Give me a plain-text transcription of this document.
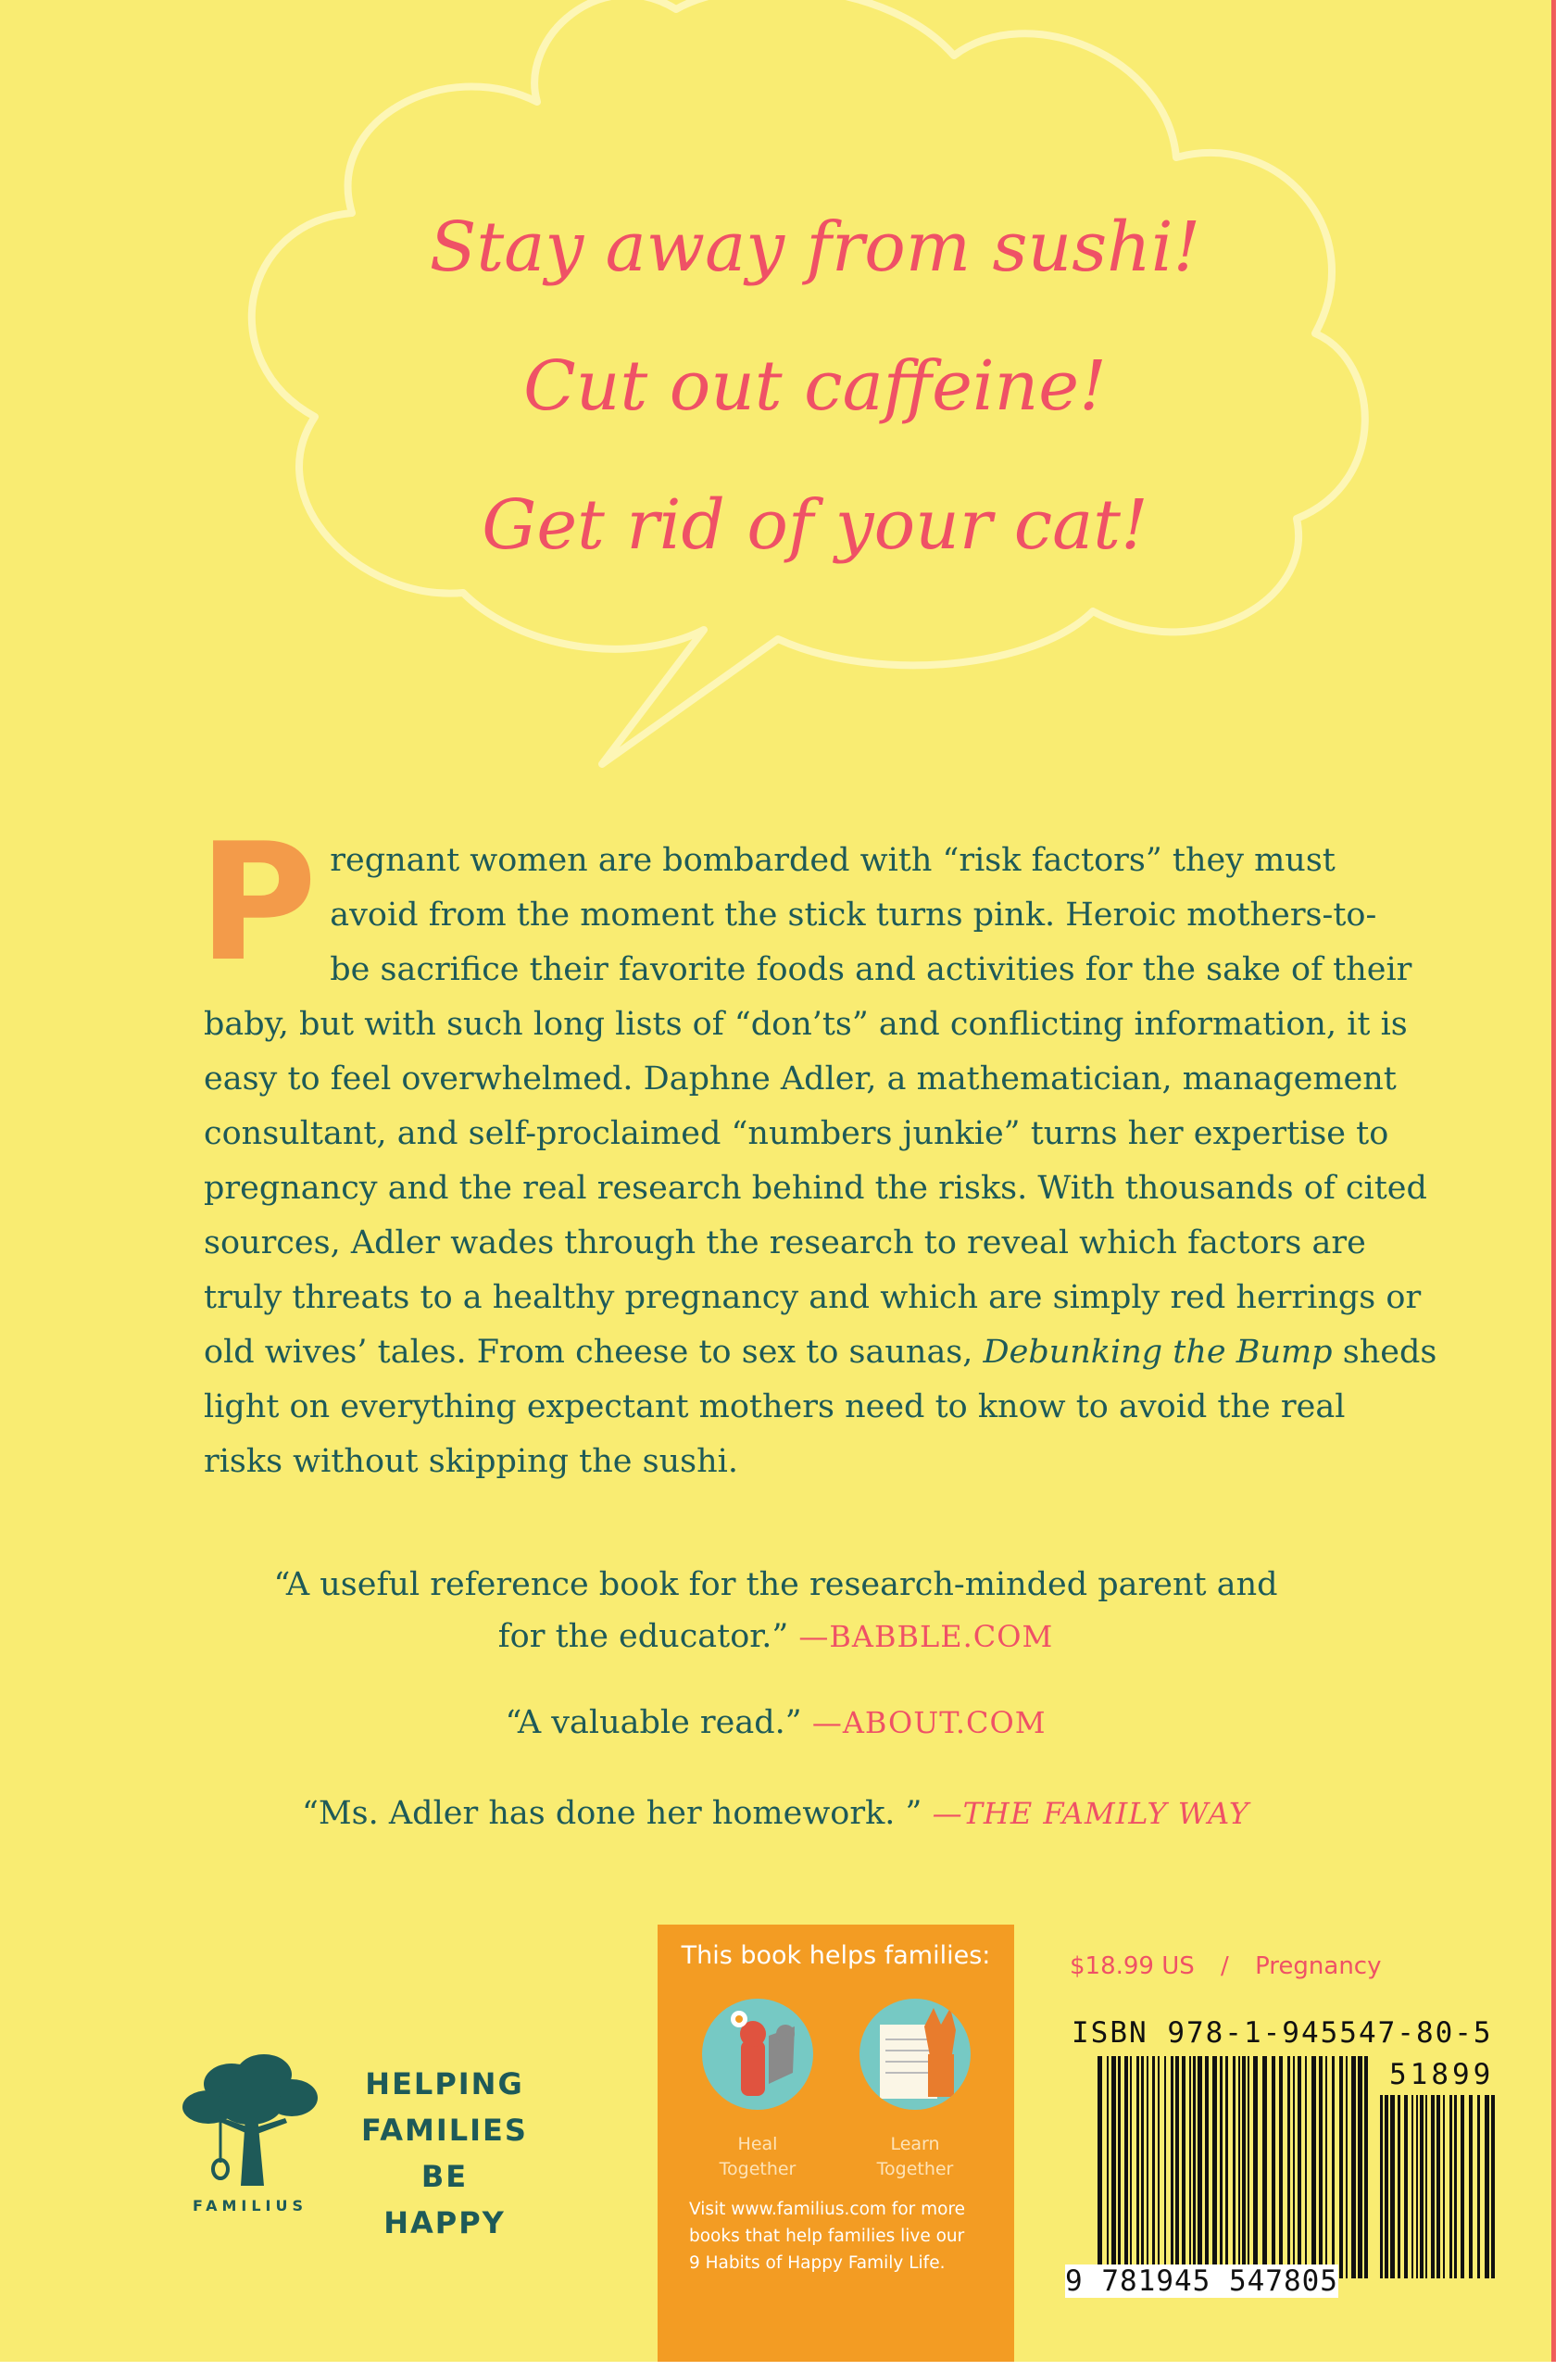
Stay away from sushi!
Cut out caffeine!
Get rid of your cat!
P regnant women are bombarded with “risk factors” they must
avoid from the moment the stick turns pink. Heroic mothers-to-
be sacrifice their favorite foods and activities for the sake of their
baby, but with such long lists of “don’ts” and conflicting information, it is
easy to feel overwhelmed. Daphne Adler, a mathematician, management
consultant, and self-proclaimed “numbers junkie” turns her expertise to
pregnancy and the real research behind the risks. With thousands of cited
sources, Adler wades through the research to reveal which factors are
truly threats to a healthy pregnancy and which are simply red herrings or
old wives’ tales. From cheese to sex to saunas, Debunking the Bump sheds
light on everything expectant mothers need to know to avoid the real
risks without skipping the sushi.
“A useful reference book for the research-minded parent and
for the educator.” —BABBLE.COM
“A valuable read.” —ABOUT.COM
“Ms. Adler has done her homework. ” —THE FAMILY WAY
FAMILIUS
HELPING
FAMILIES BE
HAPPY
This book helps families:
Heal
Together
Learn
Together
Visit www.familius.com for more
books that help families live our
9 Habits of Happy Family Life.
$18.99 US / Pregnancy
ISBN 978-1-945547-80-5
51899
9 781945 547805
